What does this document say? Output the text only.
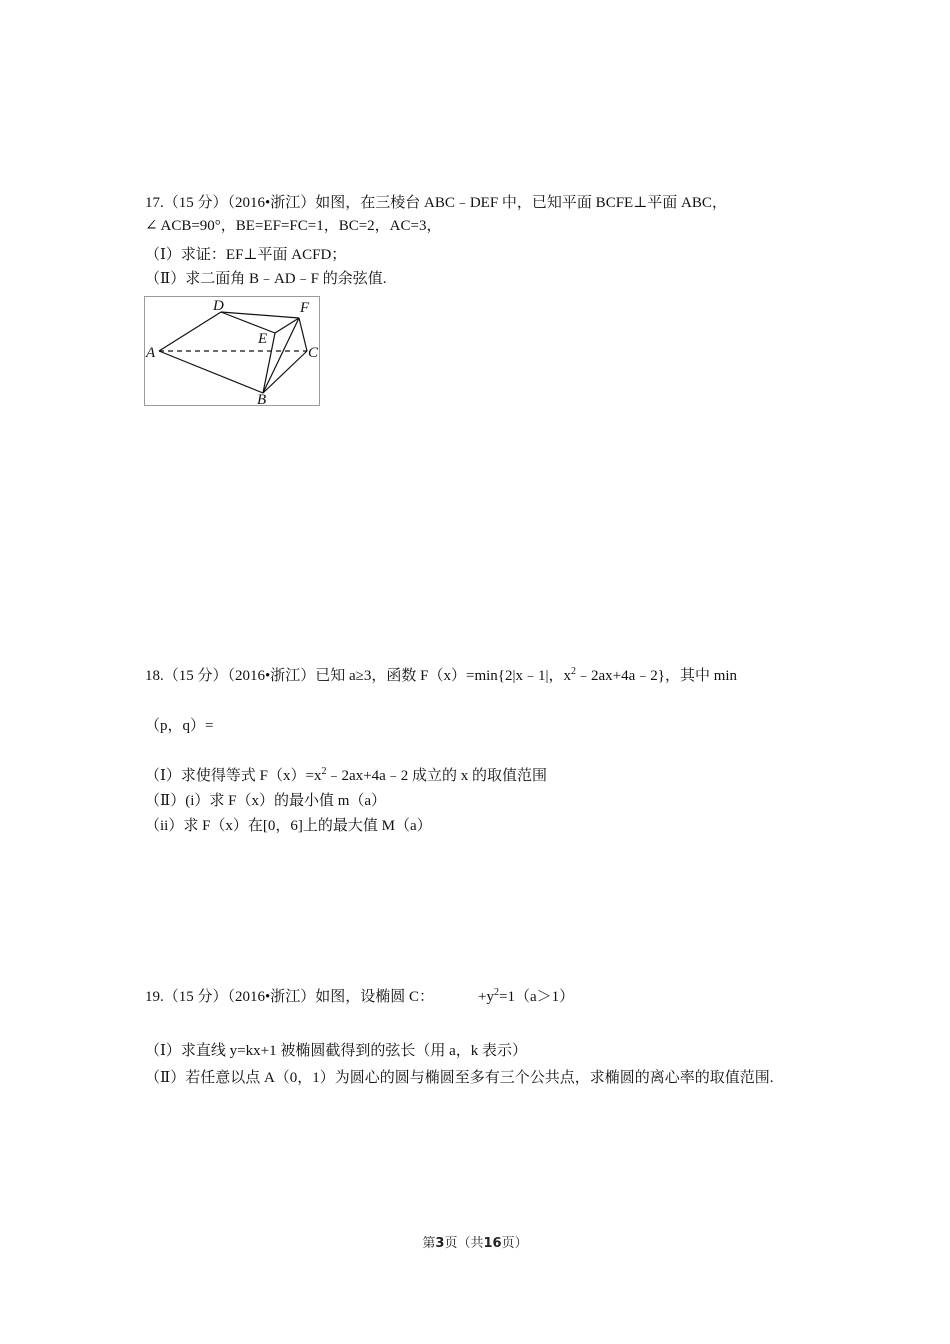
17.（15 分）（2016•浙江）如图，在三棱台 ABC﹣DEF 中，已知平面 BCFE⊥平面 ABC，
∠ ACB=90°，BE=EF=FC=1，BC=2，AC=3，
（Ⅰ）求证：EF⊥平面 ACFD；
（Ⅱ）求二面角 B﹣AD﹣F 的余弦值.
A
B
C
D
E
F
18.（15 分）（2016•浙江）已知 a≥3，函数 F（x）=min{2|x﹣1|，$x^2﹣2ax+4a﹣2$}，其中 min
（p，q）=
（Ⅰ）求使得等式 $F(x)=x^2﹣2ax+4a﹣2$ 成立的 x 的取值范围
（Ⅱ）(i）求 F（x）的最小值 m（a）
（ii）求 F（x）在[0，6]上的最大值 M（a）
19.（15 分）（2016•浙江）如图，设椭圆 C：	$+y^2=1(a>1)$
（Ⅰ）求直线 y=kx+1 被椭圆截得到的弦长（用 a，k 表示）
（Ⅱ）若任意以点 A（0，1）为圆心的圆与椭圆至多有三个公共点，求椭圆的离心率的取值范围.
第3页（共16页）
